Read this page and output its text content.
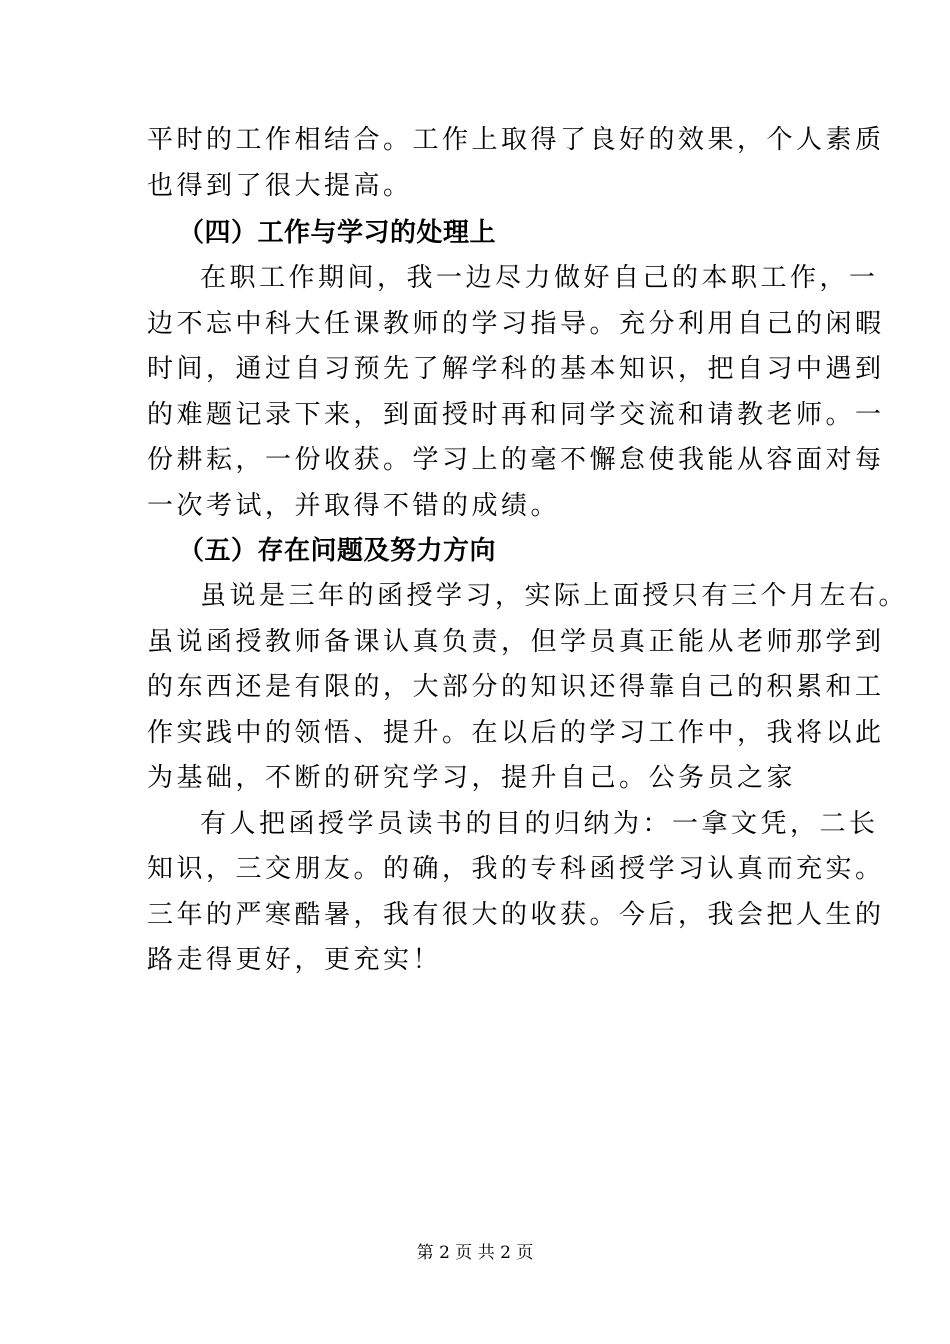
平时的工作相结合。工作上取得了良好的效果，个人素质
也得到了很大提高。
（四）工作与学习的处理上
在职工作期间，我一边尽力做好自己的本职工作，一
边不忘中科大任课教师的学习指导。充分利用自己的闲暇
时间，通过自习预先了解学科的基本知识，把自习中遇到
的难题记录下来，到面授时再和同学交流和请教老师。一
份耕耘，一份收获。学习上的毫不懈怠使我能从容面对每
一次考试，并取得不错的成绩。
（五）存在问题及努力方向
虽说是三年的函授学习，实际上面授只有三个月左右。
虽说函授教师备课认真负责，但学员真正能从老师那学到
的东西还是有限的，大部分的知识还得靠自己的积累和工
作实践中的领悟、提升。在以后的学习工作中，我将以此
为基础，不断的研究学习，提升自己。公务员之家
有人把函授学员读书的目的归纳为：一拿文凭，二长
知识，三交朋友。的确，我的专科函授学习认真而充实。
三年的严寒酷暑，我有很大的收获。今后，我会把人生的
路走得更好，更充实！
第 2 页 共 2 页
